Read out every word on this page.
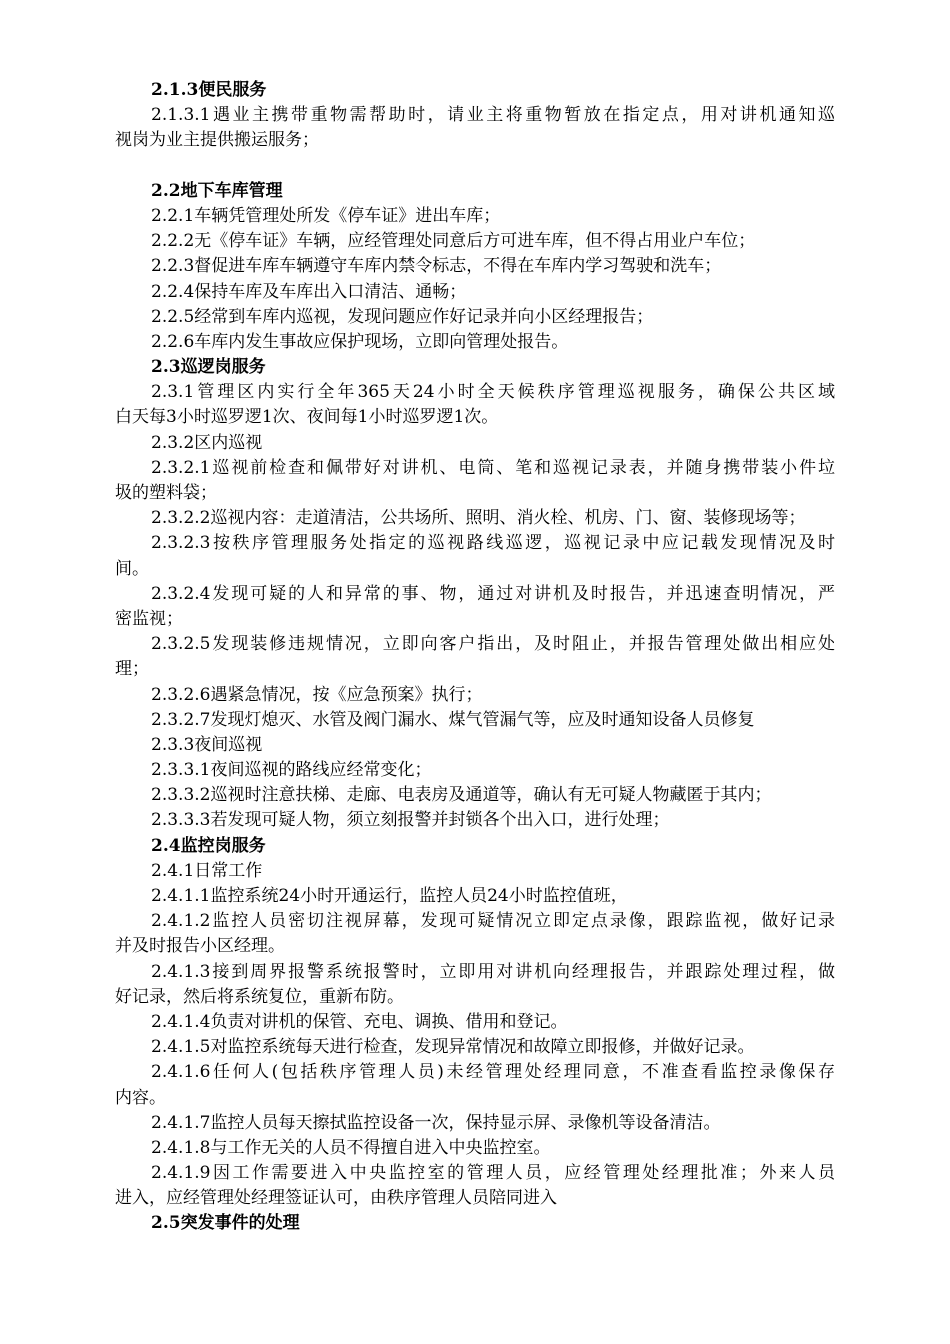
2.1.3便民服务
2.1.3.1遇业主携带重物需帮助时，请业主将重物暂放在指定点，用对讲机通知巡
视岗为业主提供搬运服务；
2.2地下车库管理
2.2.1车辆凭管理处所发《停车证》进出车库；
2.2.2无《停车证》车辆，应经管理处同意后方可进车库，但不得占用业户车位；
2.2.3督促进车库车辆遵守车库内禁令标志，不得在车库内学习驾驶和洗车；
2.2.4保持车库及车库出入口清洁、通畅；
2.2.5经常到车库内巡视，发现问题应作好记录并向小区经理报告；
2.2.6车库内发生事故应保护现场，立即向管理处报告。
2.3巡逻岗服务
2.3.1管理区内实行全年365天24小时全天候秩序管理巡视服务，确保公共区域
白天每3小时巡罗逻1次、夜间每1小时巡罗逻1次。
2.3.2区内巡视
2.3.2.1巡视前检查和佩带好对讲机、电筒、笔和巡视记录表，并随身携带装小件垃
圾的塑料袋；
2.3.2.2巡视内容：走道清洁，公共场所、照明、消火栓、机房、门、窗、装修现场等；
2.3.2.3按秩序管理服务处指定的巡视路线巡逻，巡视记录中应记载发现情况及时
间。
2.3.2.4发现可疑的人和异常的事、物，通过对讲机及时报告，并迅速查明情况，严
密监视；
2.3.2.5发现装修违规情况，立即向客户指出，及时阻止，并报告管理处做出相应处
理；
2.3.2.6遇紧急情况，按《应急预案》执行；
2.3.2.7发现灯熄灭、水管及阀门漏水、煤气管漏气等，应及时通知设备人员修复
2.3.3夜间巡视
2.3.3.1夜间巡视的路线应经常变化；
2.3.3.2巡视时注意扶梯、走廊、电表房及通道等，确认有无可疑人物藏匿于其内；
2.3.3.3若发现可疑人物，须立刻报警并封锁各个出入口，进行处理；
2.4监控岗服务
2.4.1日常工作
2.4.1.1监控系统24小时开通运行，监控人员24小时监控值班，
2.4.1.2监控人员密切注视屏幕，发现可疑情况立即定点录像，跟踪监视，做好记录
并及时报告小区经理。
2.4.1.3接到周界报警系统报警时，立即用对讲机向经理报告，并跟踪处理过程，做
好记录，然后将系统复位，重新布防。
2.4.1.4负责对讲机的保管、充电、调换、借用和登记。
2.4.1.5对监控系统每天进行检查，发现异常情况和故障立即报修，并做好记录。
2.4.1.6任何人(包括秩序管理人员)未经管理处经理同意，不准查看监控录像保存
内容。
2.4.1.7监控人员每天擦拭监控设备一次，保持显示屏、录像机等设备清洁。
2.4.1.8与工作无关的人员不得擅自进入中央监控室。
2.4.1.9因工作需要进入中央监控室的管理人员，应经管理处经理批准；外来人员
进入，应经管理处经理签证认可，由秩序管理人员陪同进入
2.5突发事件的处理
